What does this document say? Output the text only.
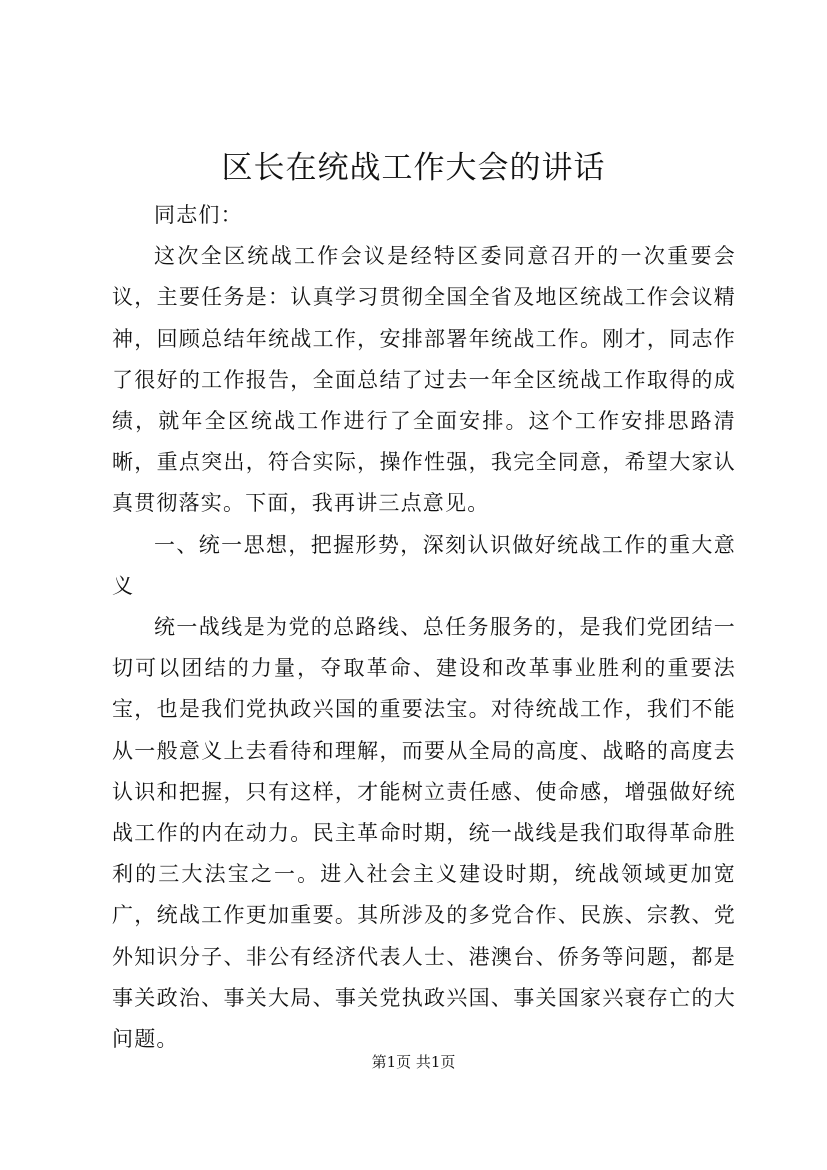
区长在统战工作大会的讲话

同志们：

这次全区统战工作会议是经特区委同意召开的一次重要会议，主要任务是：认真学习贯彻全国全省及地区统战工作会议精神，回顾总结年统战工作，安排部署年统战工作。刚才，同志作了很好的工作报告，全面总结了过去一年全区统战工作取得的成绩，就年全区统战工作进行了全面安排。这个工作安排思路清晰，重点突出，符合实际，操作性强，我完全同意，希望大家认真贯彻落实。下面，我再讲三点意见。

一、统一思想，把握形势，深刻认识做好统战工作的重大意义

统一战线是为党的总路线、总任务服务的，是我们党团结一切可以团结的力量，夺取革命、建设和改革事业胜利的重要法宝，也是我们党执政兴国的重要法宝。对待统战工作，我们不能从一般意义上去看待和理解，而要从全局的高度、战略的高度去认识和把握，只有这样，才能树立责任感、使命感，增强做好统战工作的内在动力。民主革命时期，统一战线是我们取得革命胜利的三大法宝之一。进入社会主义建设时期，统战领域更加宽广，统战工作更加重要。其所涉及的多党合作、民族、宗教、党外知识分子、非公有经济代表人士、港澳台、侨务等问题，都是事关政治、事关大局、事关党执政兴国、事关国家兴衰存亡的大问题。

第1页 共1页
